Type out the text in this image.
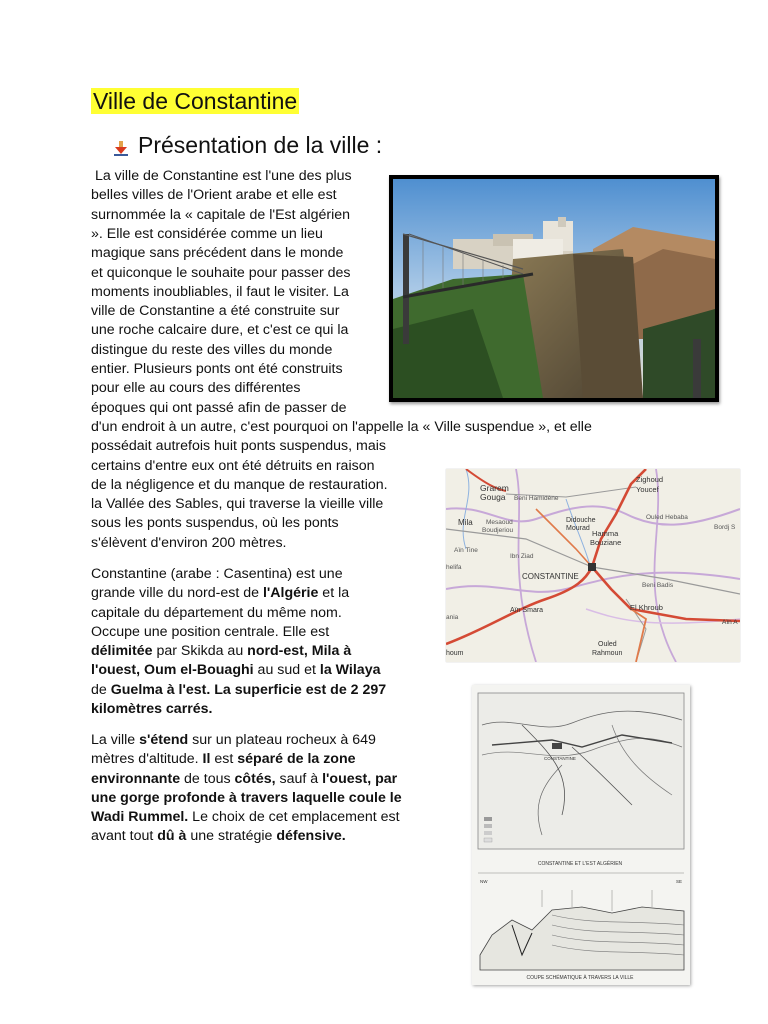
Ville de Constantine
Présentation de la ville :
La ville de Constantine est l'une des plus
belles villes de l'Orient arabe et elle est
surnommée la « capitale de l'Est algérien
». Elle est considérée comme un lieu
magique sans précédent dans le monde
et quiconque le souhaite pour passer des
moments inoubliables, il faut le visiter. La
ville de Constantine a été construite sur
une roche calcaire dure, et c'est ce qui la
distingue du reste des villes du monde
entier. Plusieurs ponts ont été construits
pour elle au cours des différentes
époques qui ont passé afin de passer de
d'un endroit à un autre, c'est pourquoi on l'appelle la « Ville suspendue », et elle
possédait autrefois huit ponts suspendus, mais
certains d'entre eux ont été détruits en raison
de la négligence et du manque de restauration.
la Vallée des Sables, qui traverse la vieille ville
sous les ponts suspendus, où les ponts
s'élèvent d'environ 200 mètres.
Constantine (arabe : Casentina) est une
grande ville du nord-est de l'Algérie et la
capitale du département du même nom.
Occupe une position centrale. Elle est
délimitée par Skikda au nord-est, Mila à
l'ouest, Oum el-Bouaghi au sud et la Wilaya
de Guelma à l'est. La superficie est de 2 297
kilomètres carrés.
La ville s'étend sur un plateau rocheux à 649
mètres d'altitude. Il est séparé de la zone
environnante de tous côtés, sauf à l'ouest, par
une gorge profonde à travers laquelle coule le
Wadi Rummel. Le choix de cet emplacement est
avant tout dû à une stratégie défensive.
Grarem
Gouga Beni Hamidène
Zighoud
Youcef
Ouled Hebaba
Mila Mesaoud
Boudjeriou
Didouche
Mourad
Hamma
Bouziane
Bordj S
Aïn Tine
Ibn Ziad
CONSTANTINE
Beni Badis
helifa
Aïn Smara	El Khroub
ania
Aïn A
Ouled
Rahmoun
houm
CONSTANTINE
CONSTANTINE ET L'EST ALGÉRIEN
NW	SE
COUPE SCHÉMATIQUE À TRAVERS LA VILLE
